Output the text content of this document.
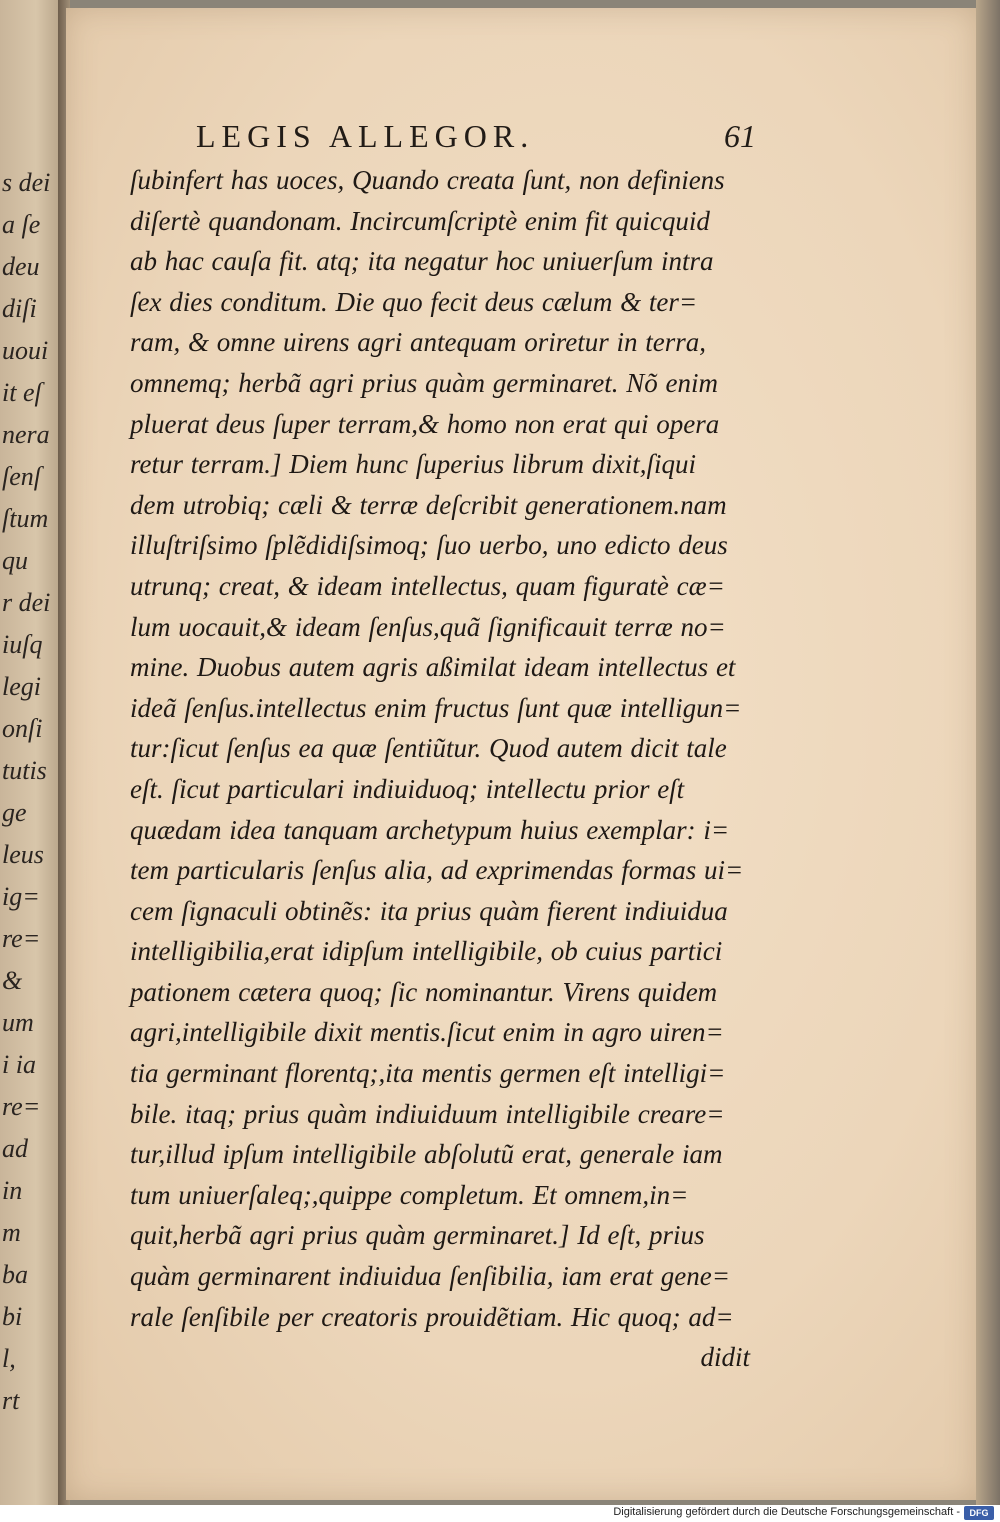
s dei
a ſe
deu
diſi
uoui
it eſ
nera
ſenſ
ſtum
qu
r dei
iuſq
legi
onſi
tutis
ge
leus
ig=
re=
&
um
i ia
re=
ad
in
m
ba
bi
l,
rt
LEGIS ALLEGOR.	61
ſubinfert has uoces, Quando creata ſunt, non definiens
diſertè quandonam. Incircumſcriptè enim fit quicquid
ab hac cauſa fit. atq; ita negatur hoc uniuerſum intra
ſex dies conditum. Die quo fecit deus cælum & ter=
ram, & omne uirens agri antequam oriretur in terra,
omnemq; herbã agri prius quàm germinaret. Nõ enim
pluerat deus ſuper terram,& homo non erat qui opera
retur terram.] Diem hunc ſuperius librum dixit,ſiqui
dem utrobiq; cæli & terræ deſcribit generationem.nam
illuſtriſsimo ſplẽdidiſsimoq; ſuo uerbo, uno edicto deus
utrunq; creat, & ideam intellectus, quam figuratè cæ=
lum uocauit,& ideam ſenſus,quã ſignificauit terræ no=
mine. Duobus autem agris aßimilat ideam intellectus et
ideã ſenſus.intellectus enim fructus ſunt quæ intelligun=
tur:ſicut ſenſus ea quæ ſentiũtur. Quod autem dicit tale
eſt. ſicut particulari indiuiduoq; intellectu prior eſt
quædam idea tanquam archetypum huius exemplar: i=
tem particularis ſenſus alia, ad exprimendas formas ui=
cem ſignaculi obtinẽs: ita prius quàm fierent indiuidua
intelligibilia,erat idipſum intelligibile, ob cuius partici
pationem cætera quoq; ſic nominantur. Virens quidem
agri,intelligibile dixit mentis.ſicut enim in agro uiren=
tia germinant florentq;,ita mentis germen eſt intelligi=
bile. itaq; prius quàm indiuiduum intelligibile creare=
tur,illud ipſum intelligibile abſolutũ erat, generale iam
tum uniuerſaleq;,quippe completum. Et omnem,in=
quit,herbã agri prius quàm germinaret.] Id eſt, prius
quàm germinarent indiuidua ſenſibilia, iam erat gene=
rale ſenſibile per creatoris prouidẽtiam. Hic quoq; ad=
didit
Digitalisierung gefördert durch die Deutsche Forschungsgemeinschaft -	DFG
